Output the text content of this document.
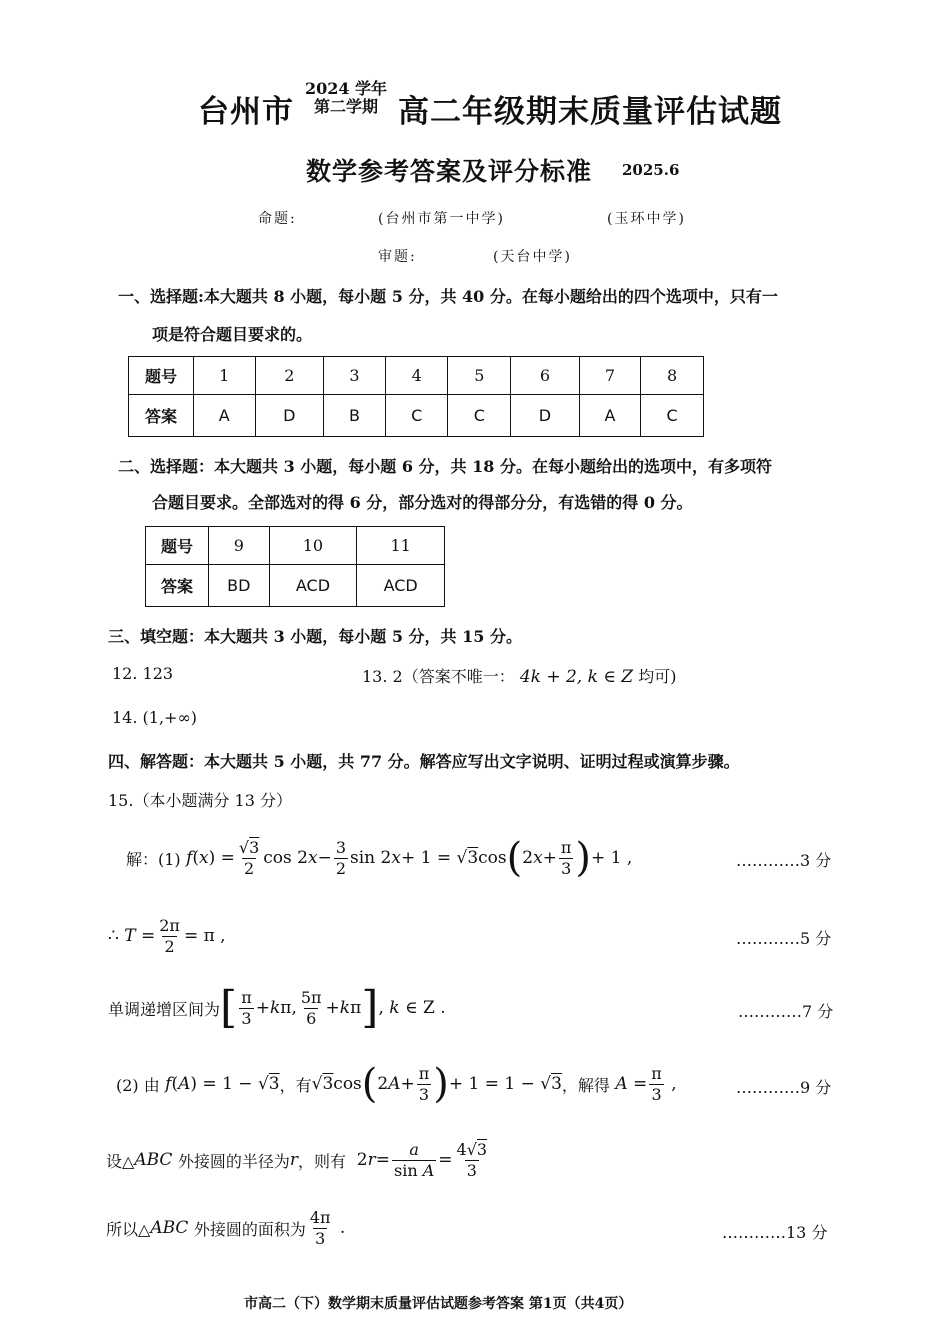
台州市
2024 学年
第二学期 高二年级期末质量评估试题
数学参考答案及评分标准 2025.6
命题:	(台州市第一中学)	(玉环中学)
审题:	(天台中学)
一、选择题:本大题共 8 小题，每小题 5 分，共 40 分。在每小题给出的四个选项中，只有一
项是符合题目要求的。
题号	1	2	3	4	5	6	7	8
答案	A	D	B	C	C	D	A	C
二、选择题：本大题共 3 小题，每小题 6 分，共 18 分。在每小题给出的选项中，有多项符
合题目要求。全部选对的得 6 分，部分选对的得部分分，有选错的得 0 分。
题号	9	10	11
答案	BD	ACD	ACD
三、填空题：本大题共 3 小题，每小题 5 分，共 15 分。
12. 123	13. 2（答案不唯一： 4k + 2, k ∈ Z 均可)
14. (1,+∞)
四、解答题：本大题共 5 小题，共 77 分。解答应写出文字说明、证明过程或演算步骤。
15.（本小题满分 13 分）
解：(1)
f ( x ) = $\frac{√3}{2}$ cos 2 $x - \frac{3}{2}$ sin 2 x + 1 = √ 3 cos ( 2 $x + \frac{\pi}{3}$ ) + 1 ,	…………3 分
∴ $T = \frac{2\pi}{2} = \pi$ ,	…………5 分
单调递增区间为 [ $\frac{\pi}{3} + k$ π, $\frac{5\pi}{6} + k$ π ] , k ∈ Z .	…………7 分
(2) 由
f ( A ) = 1 − √ 3 ，有 √ 3 cos ( 2 $A + \frac{\pi}{3}$ ) + 1 = 1 − √ 3 ，解得 $A = \frac{\pi}{3}$ ,	…………9 分
设△ ABC
外接圆的半径为 r ，则有 2 $r = \frac{a}{\text{sin A}} = \frac{4√3}{3}$
所以△ ABC
外接圆的面积为 $\frac{4\pi}{3}$ .	…………13 分
市高二（下）数学期末质量评估试题参考答案 第1页（共4页）
